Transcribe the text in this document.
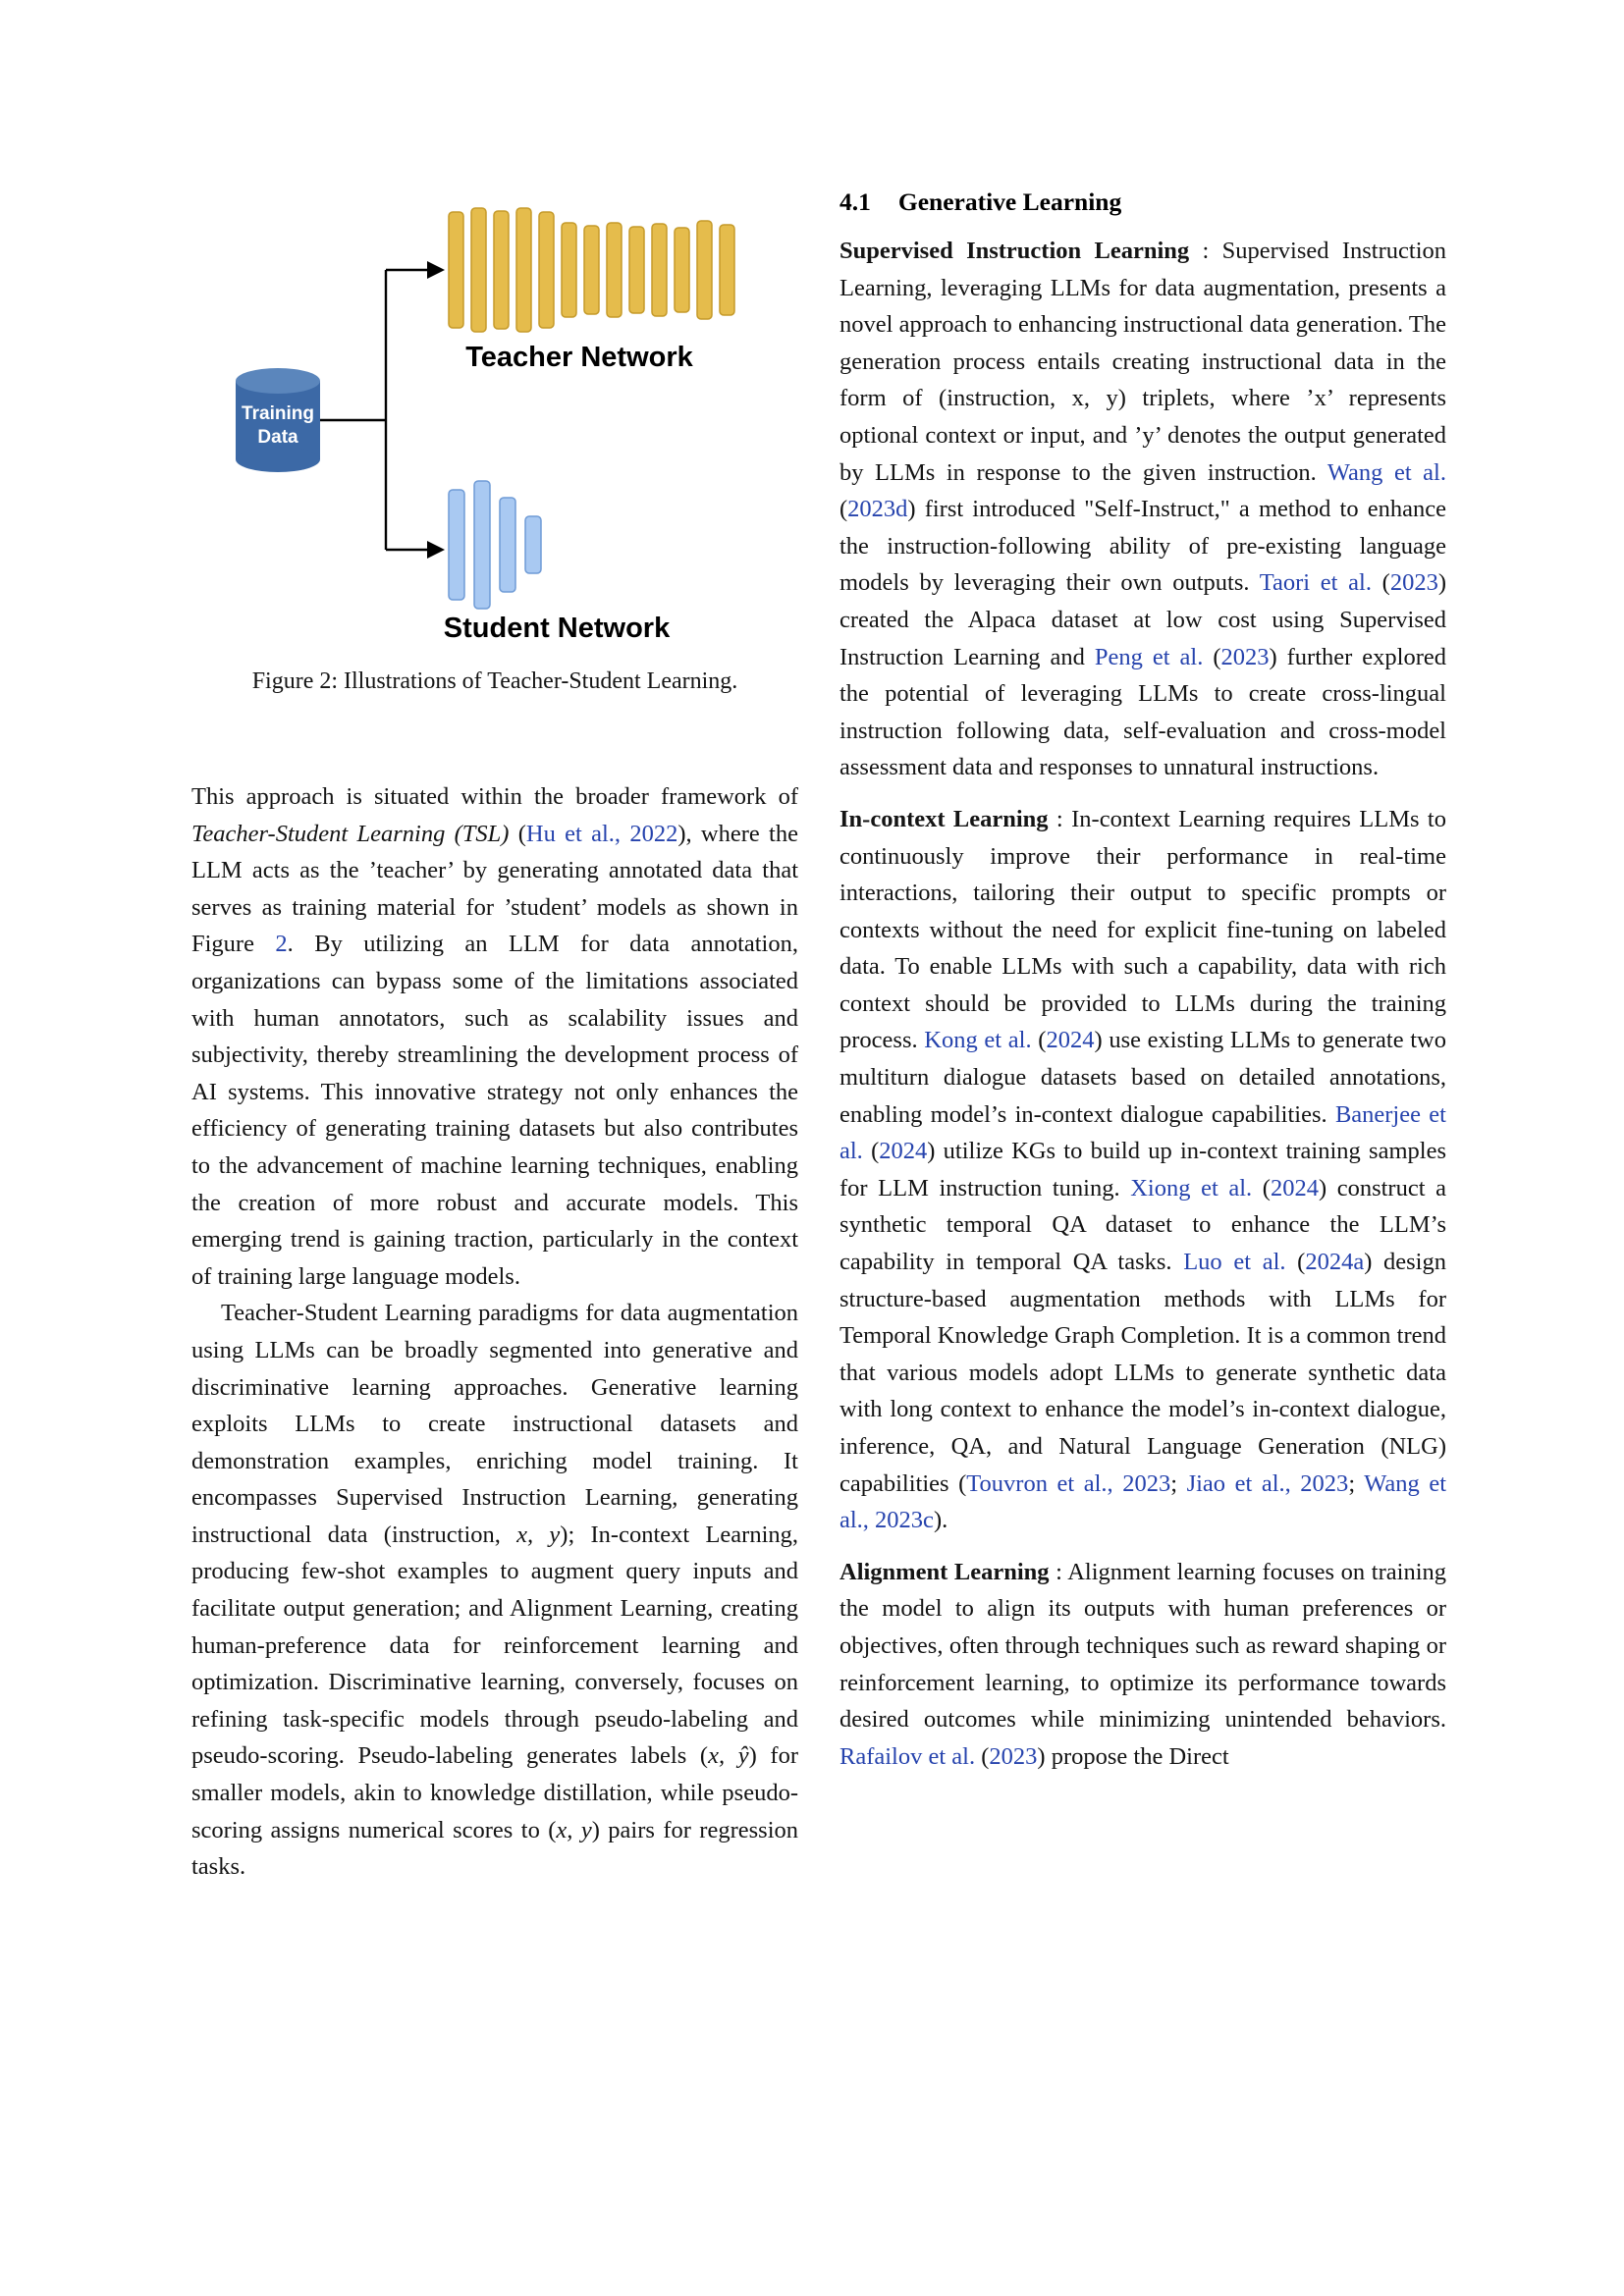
Training
Data
Teacher Network
Student Network
Figure 2: Illustrations of Teacher-Student Learning.

This approach is situated within the broader framework of Teacher-Student Learning (TSL) (Hu et al., 2022), where the LLM acts as the ’teacher’ by generating annotated data that serves as training material for ’student’ models as shown in Figure 2. By utilizing an LLM for data annotation, organizations can bypass some of the limitations associated with human annotators, such as scalability issues and subjectivity, thereby streamlining the development process of AI systems. This innovative strategy not only enhances the efficiency of generating training datasets but also contributes to the advancement of machine learning techniques, enabling the creation of more robust and accurate models. This emerging trend is gaining traction, particularly in the context of training large language models.

Teacher-Student Learning paradigms for data augmentation using LLMs can be broadly segmented into generative and discriminative learning approaches. Generative learning exploits LLMs to create instructional datasets and demonstration examples, enriching model training. It encompasses Supervised Instruction Learning, generating instructional data (instruction, x, y); In-context Learning, producing few-shot examples to augment query inputs and facilitate output generation; and Alignment Learning, creating human-preference data for reinforcement learning and optimization. Discriminative learning, conversely, focuses on refining task-specific models through pseudo-labeling and pseudo-scoring. Pseudo-labeling generates labels (x, ŷ) for smaller models, akin to knowledge distillation, while pseudo-scoring assigns numerical scores to (x, y) pairs for regression tasks.

4.1 Generative Learning

Supervised Instruction Learning : Supervised Instruction Learning, leveraging LLMs for data augmentation, presents a novel approach to enhancing instructional data generation. The generation process entails creating instructional data in the form of (instruction, x, y) triplets, where ’x’ represents optional context or input, and ’y’ denotes the output generated by LLMs in response to the given instruction. Wang et al. (2023d) first introduced "Self-Instruct," a method to enhance the instruction-following ability of pre-existing language models by leveraging their own outputs. Taori et al. (2023) created the Alpaca dataset at low cost using Supervised Instruction Learning and Peng et al. (2023) further explored the potential of leveraging LLMs to create cross-lingual instruction following data, self-evaluation and cross-model assessment data and responses to unnatural instructions.

In-context Learning : In-context Learning requires LLMs to continuously improve their performance in real-time interactions, tailoring their output to specific prompts or contexts without the need for explicit fine-tuning on labeled data. To enable LLMs with such a capability, data with rich context should be provided to LLMs during the training process. Kong et al. (2024) use existing LLMs to generate two multiturn dialogue datasets based on detailed annotations, enabling model’s in-context dialogue capabilities. Banerjee et al. (2024) utilize KGs to build up in-context training samples for LLM instruction tuning. Xiong et al. (2024) construct a synthetic temporal QA dataset to enhance the LLM’s capability in temporal QA tasks. Luo et al. (2024a) design structure-based augmentation methods with LLMs for Temporal Knowledge Graph Completion. It is a common trend that various models adopt LLMs to generate synthetic data with long context to enhance the model’s in-context dialogue, inference, QA, and Natural Language Generation (NLG) capabilities (Touvron et al., 2023; Jiao et al., 2023; Wang et al., 2023c).

Alignment Learning : Alignment learning focuses on training the model to align its outputs with human preferences or objectives, often through techniques such as reward shaping or reinforcement learning, to optimize its performance towards desired outcomes while minimizing unintended behaviors. Rafailov et al. (2023) propose the Direct
